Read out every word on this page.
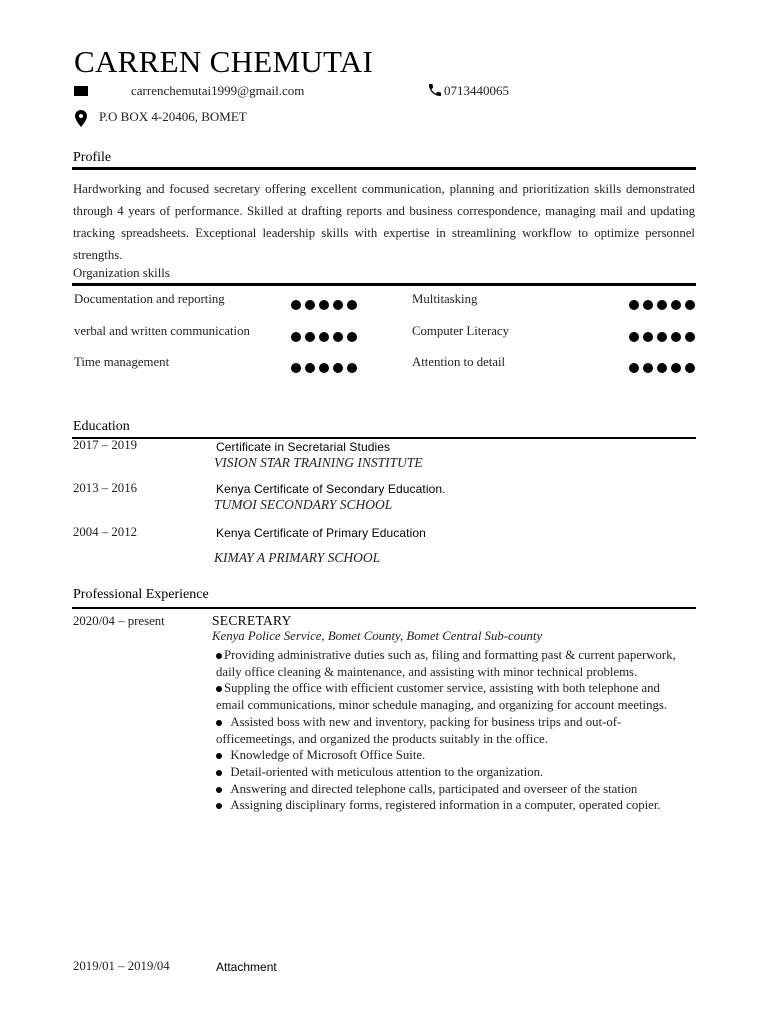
CARREN CHEMUTAI
carrenchemutai1999@gmail.com	0713440065
P.O BOX 4-20406, BOMET
Profile
Hardworking and focused secretary offering excellent communication, planning and prioritization skills demonstrated through 4 years of performance. Skilled at drafting reports and business correspondence, managing mail and updating tracking spreadsheets. Exceptional leadership skills with expertise in streamlining workflow to optimize personnel strengths.
Organization skills
Documentation and reporting	Multitasking
verbal and written communication	Computer Literacy
Time management	Attention to detail
Education
2017 – 2019	Certificate in Secretarial Studies
VISION STAR TRAINING INSTITUTE
2013 – 2016	Kenya Certificate of Secondary Education.
TUMOI SECONDARY SCHOOL
2004 – 2012	Kenya Certificate of Primary Education
KIMAY A PRIMARY SCHOOL
Professional Experience
2020/04 – present	SECRETARY
Kenya Police Service, Bomet County, Bomet Central Sub-county
Providing administrative duties such as, filing and formatting past & current paperwork, daily office cleaning & maintenance, and assisting with minor technical problems.
Suppling the office with efficient customer service, assisting with both telephone and email communications, minor schedule managing, and organizing for account meetings.
Assisted boss with new and inventory, packing for business trips and out-of-officemeetings, and organized the products suitably in the office.
Knowledge of Microsoft Office Suite.
Detail-oriented with meticulous attention to the organization.
Answering and directed telephone calls, participated and overseer of the station
Assigning disciplinary forms, registered information in a computer, operated copier.
2019/01 – 2019/04	Attachment
